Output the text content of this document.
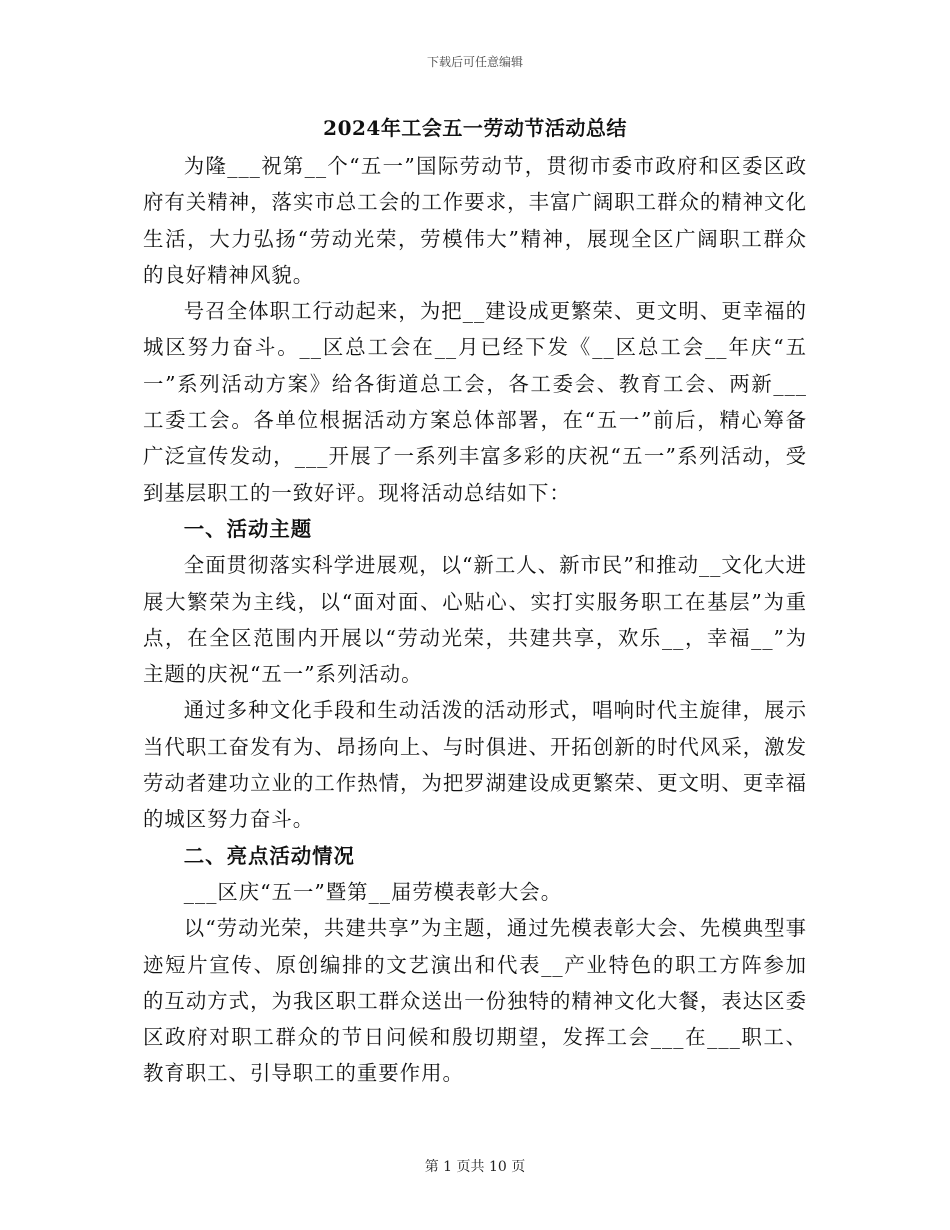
下载后可任意编辑
2024年工会五一劳动节活动总结

为隆___祝第__个“五一”国际劳动节，贯彻市委市政府和区委区政府有关精神，落实市总工会的工作要求，丰富广阔职工群众的精神文化生活，大力弘扬“劳动光荣，劳模伟大”精神，展现全区广阔职工群众的良好精神风貌。

号召全体职工行动起来，为把__建设成更繁荣、更文明、更幸福的城区努力奋斗。__区总工会在__月已经下发《__区总工会__年庆“五一”系列活动方案》给各街道总工会，各工委会、教育工会、两新___工委工会。各单位根据活动方案总体部署，在“五一”前后，精心筹备广泛宣传发动，___开展了一系列丰富多彩的庆祝“五一”系列活动，受到基层职工的一致好评。现将活动总结如下：

一、活动主题

全面贯彻落实科学进展观，以“新工人、新市民”和推动__文化大进展大繁荣为主线，以“面对面、心贴心、实打实服务职工在基层”为重点，在全区范围内开展以“劳动光荣，共建共享，欢乐__，幸福__”为主题的庆祝“五一”系列活动。

通过多种文化手段和生动活泼的活动形式，唱响时代主旋律，展示当代职工奋发有为、昂扬向上、与时俱进、开拓创新的时代风采，激发劳动者建功立业的工作热情，为把罗湖建设成更繁荣、更文明、更幸福的城区努力奋斗。

二、亮点活动情况

___区庆“五一”暨第__届劳模表彰大会。

以“劳动光荣，共建共享”为主题，通过先模表彰大会、先模典型事迹短片宣传、原创编排的文艺演出和代表__产业特色的职工方阵参加的互动方式，为我区职工群众送出一份独特的精神文化大餐，表达区委区政府对职工群众的节日问候和殷切期望，发挥工会___在___职工、教育职工、引导职工的重要作用。

第 1 页共 10 页
